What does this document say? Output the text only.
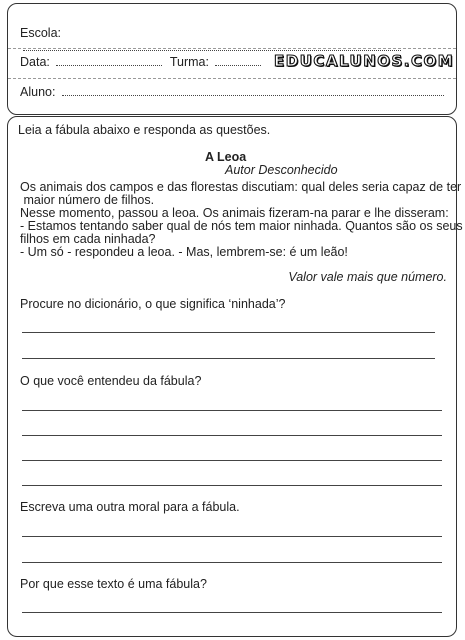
Escola:
Data:	Turma:	EDUCALUNOS.COM
Aluno:
Leia a fábula abaixo e responda as questões.
A Leoa
Autor Desconhecido
Os animais dos campos e das florestas discutiam: qual deles seria capaz de ter
maior número de filhos.
Nesse momento, passou a leoa. Os animais fizeram-na parar e lhe disseram:
- Estamos tentando saber qual de nós tem maior ninhada. Quantos são os seus
filhos em cada ninhada?
- Um só - respondeu a leoa. - Mas, lembrem-se: é um leão!
Valor vale mais que número.
Procure no dicionário, o que significa ‘ninhada’?
O que você entendeu da fábula?
Escreva uma outra moral para a fábula.
Por que esse texto é uma fábula?
